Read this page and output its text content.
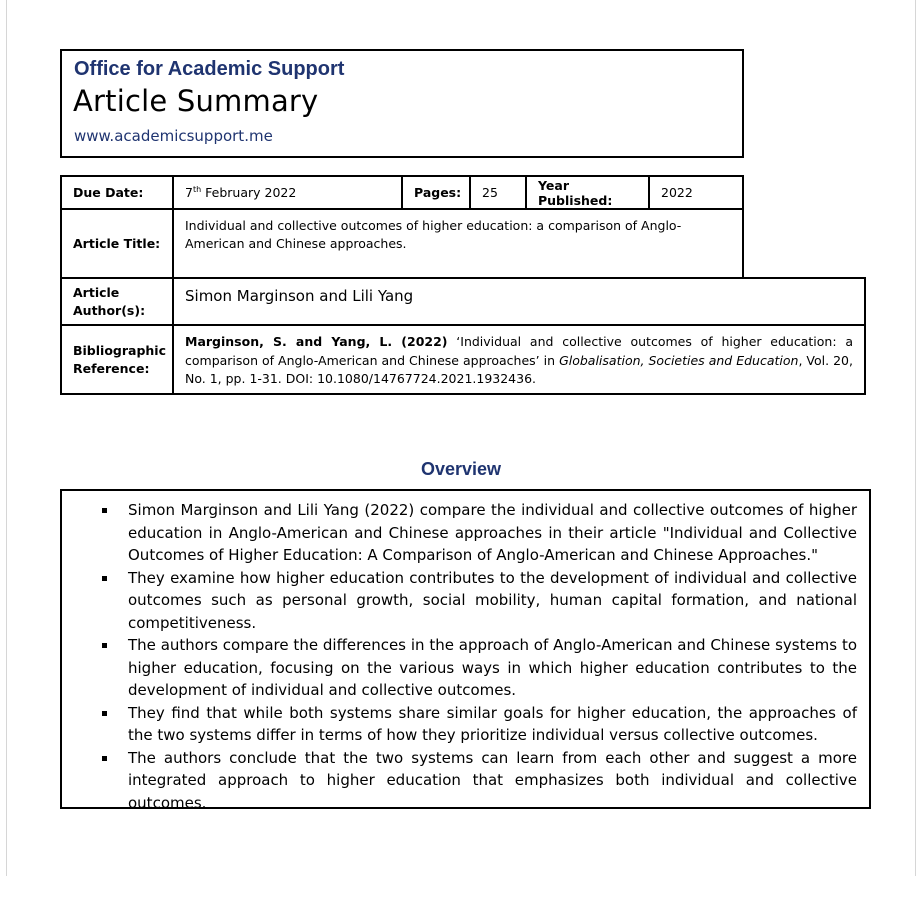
Office for Academic Support
Article Summary
www.academicsupport.me
Due Date:	7th February 2022	Pages: 25	Year Published:	2022
Article Title:
Individual and collective outcomes of higher education: a comparison of Anglo-American and Chinese approaches.
Article Author(s):
Simon Marginson and Lili Yang
Bibliographic Reference:
Marginson, S. and Yang, L. (2022) ‘Individual and collective outcomes of higher education: a comparison of Anglo-American and Chinese approaches’ in Globalisation, Societies and Education, Vol. 20, No. 1, pp. 1-31. DOI: 10.1080/14767724.2021.1932436.
Overview
Simon Marginson and Lili Yang (2022) compare the individual and collective outcomes of higher education in Anglo-American and Chinese approaches in their article "Individual and Collective Outcomes of Higher Education: A Comparison of Anglo-American and Chinese Approaches."
They examine how higher education contributes to the development of individual and collective outcomes such as personal growth, social mobility, human capital formation, and national competitiveness.
The authors compare the differences in the approach of Anglo-American and Chinese systems to higher education, focusing on the various ways in which higher education contributes to the development of individual and collective outcomes.
They find that while both systems share similar goals for higher education, the approaches of the two systems differ in terms of how they prioritize individual versus collective outcomes.
The authors conclude that the two systems can learn from each other and suggest a more integrated approach to higher education that emphasizes both individual and collective outcomes.
